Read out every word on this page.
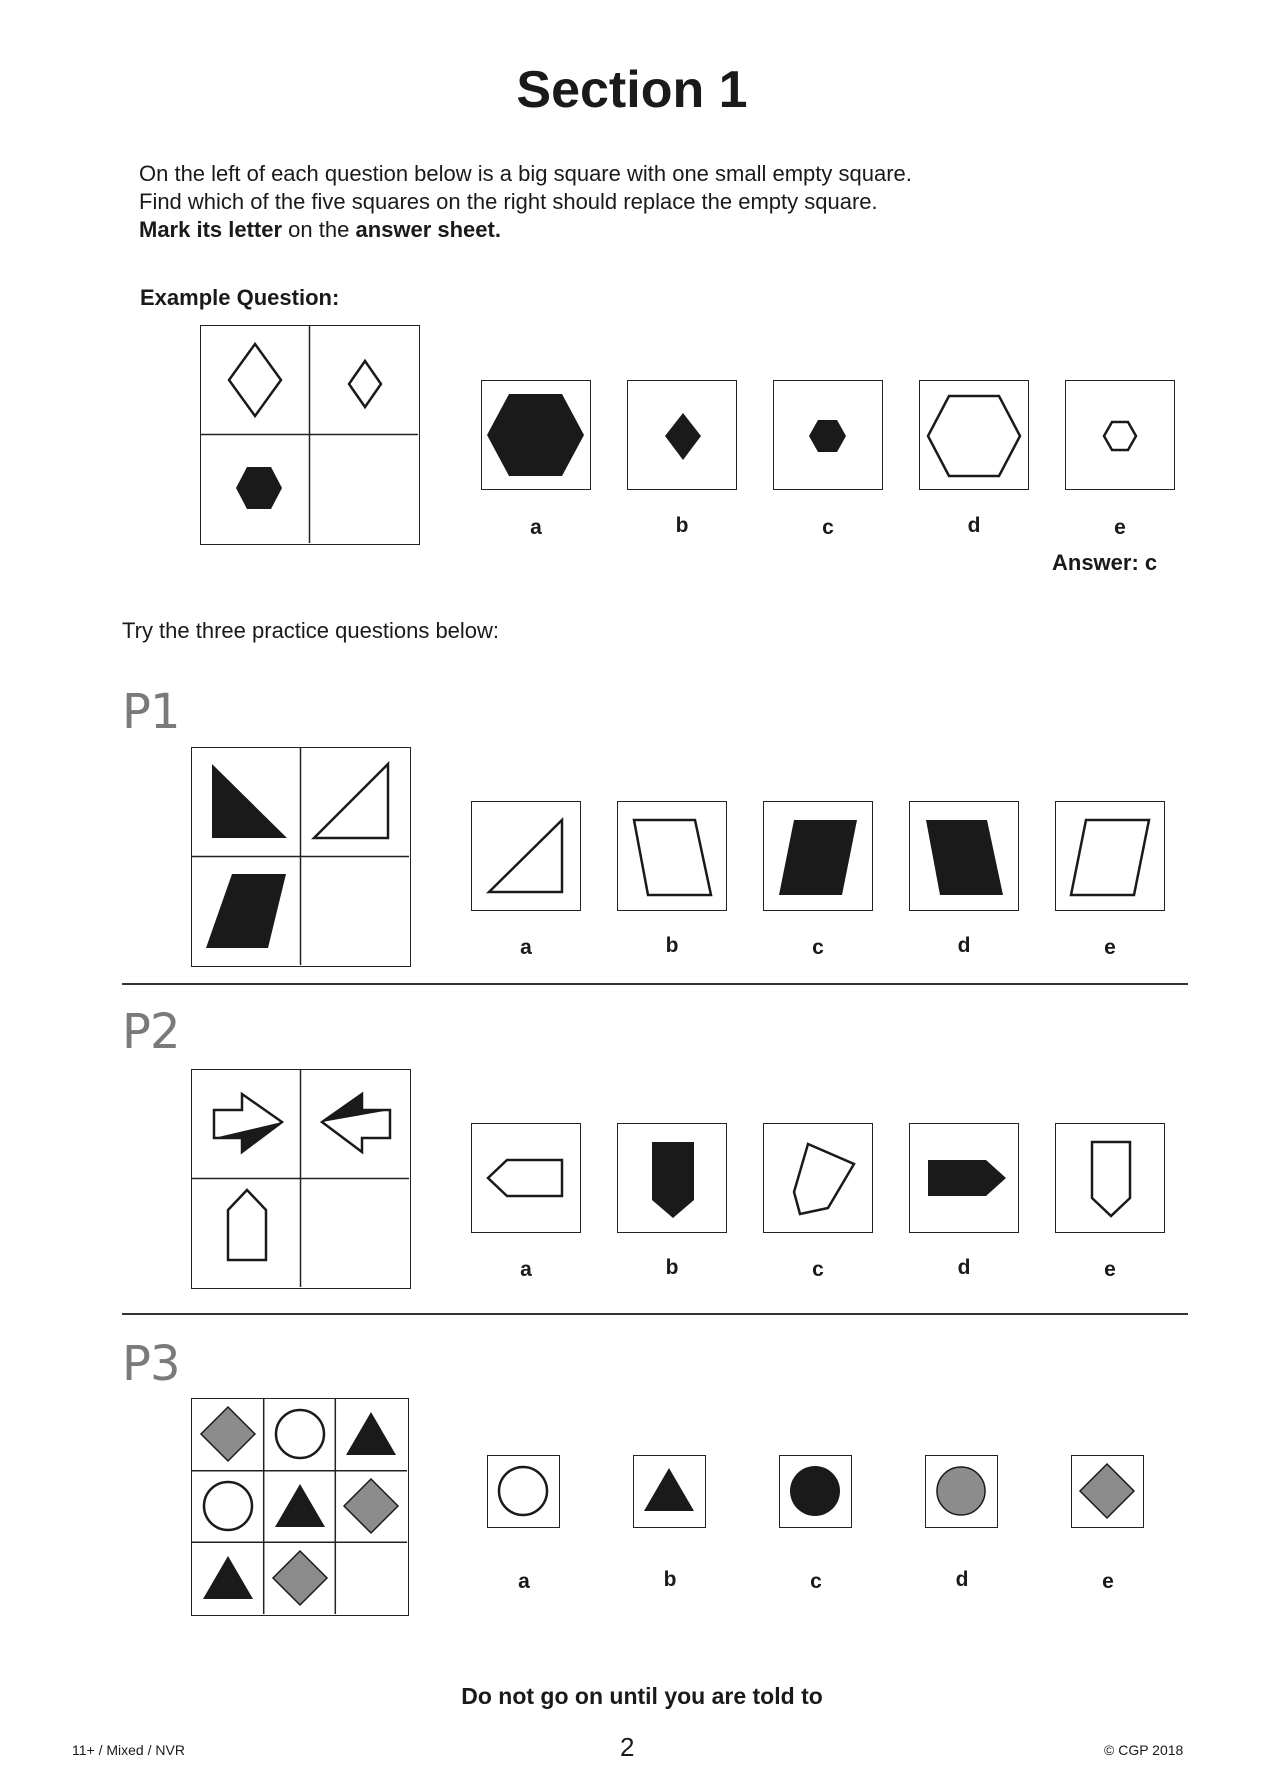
Section 1
On the left of each question below is a big square with one small empty square.
Find which of the five squares on the right should replace the empty square.
Mark its letter on the answer sheet.
Example Question:
a	b	c	d	e
Answer: c
Try the three practice questions below:
P1
a	b	c	d	e
P2
a	b	c	d	e
P3
a	b	c	d	e
Do not go on until you are told to
11+ / Mixed / NVR	2	© CGP 2018
